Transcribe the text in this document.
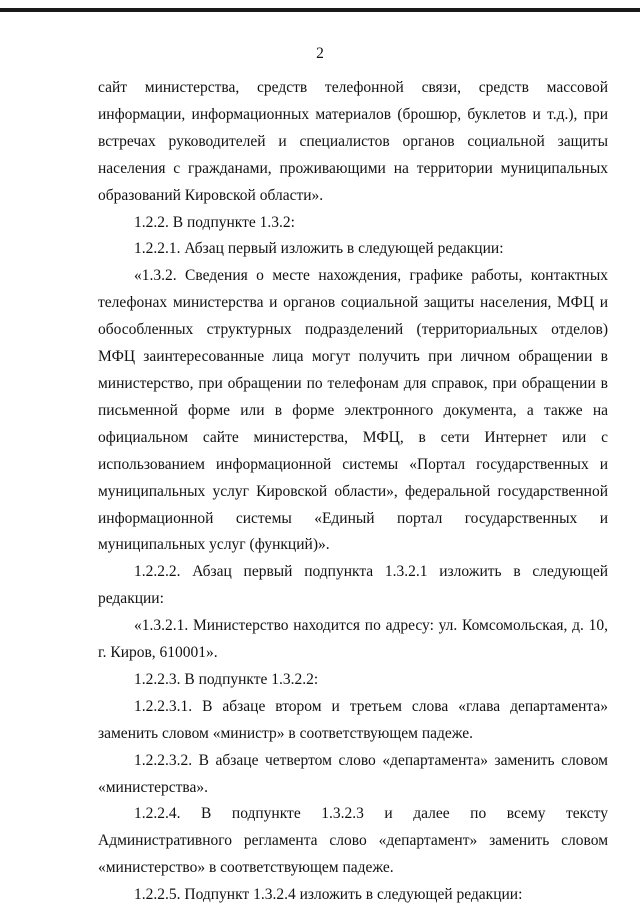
2

сайт министерства, средств телефонной связи, средств массовой информации, информационных материалов (брошюр, буклетов и т.д.), при встречах руководителей и специалистов органов социальной защиты населения с гражданами, проживающими на территории муниципальных образований Кировской области».

1.2.2. В подпункте 1.3.2:

1.2.2.1. Абзац первый изложить в следующей редакции:

«1.3.2. Сведения о месте нахождения, графике работы, контактных телефонах министерства и органов социальной защиты населения, МФЦ и обособленных структурных подразделений (территориальных отделов) МФЦ заинтересованные лица могут получить при личном обращении в министерство, при обращении по телефонам для справок, при обращении в письменной форме или в форме электронного документа, а также на официальном сайте министерства, МФЦ, в сети Интернет или с использованием информационной системы «Портал государственных и муниципальных услуг Кировской области», федеральной государственной информационной системы «Единый портал государственных и муниципальных услуг (функций)».

1.2.2.2. Абзац первый подпункта 1.3.2.1 изложить в следующей редакции:

«1.3.2.1. Министерство находится по адресу: ул. Комсомольская, д. 10, г. Киров, 610001».

1.2.2.3. В подпункте 1.3.2.2:

1.2.2.3.1. В абзаце втором и третьем слова «глава департамента» заменить словом «министр» в соответствующем падеже.

1.2.2.3.2. В абзаце четвертом слово «департамента» заменить словом «министерства».

1.2.2.4. В подпункте 1.3.2.3 и далее по всему тексту Административного регламента слово «департамент» заменить словом «министерство» в соответствующем падеже.

1.2.2.5. Подпункт 1.3.2.4 изложить в следующей редакции:
